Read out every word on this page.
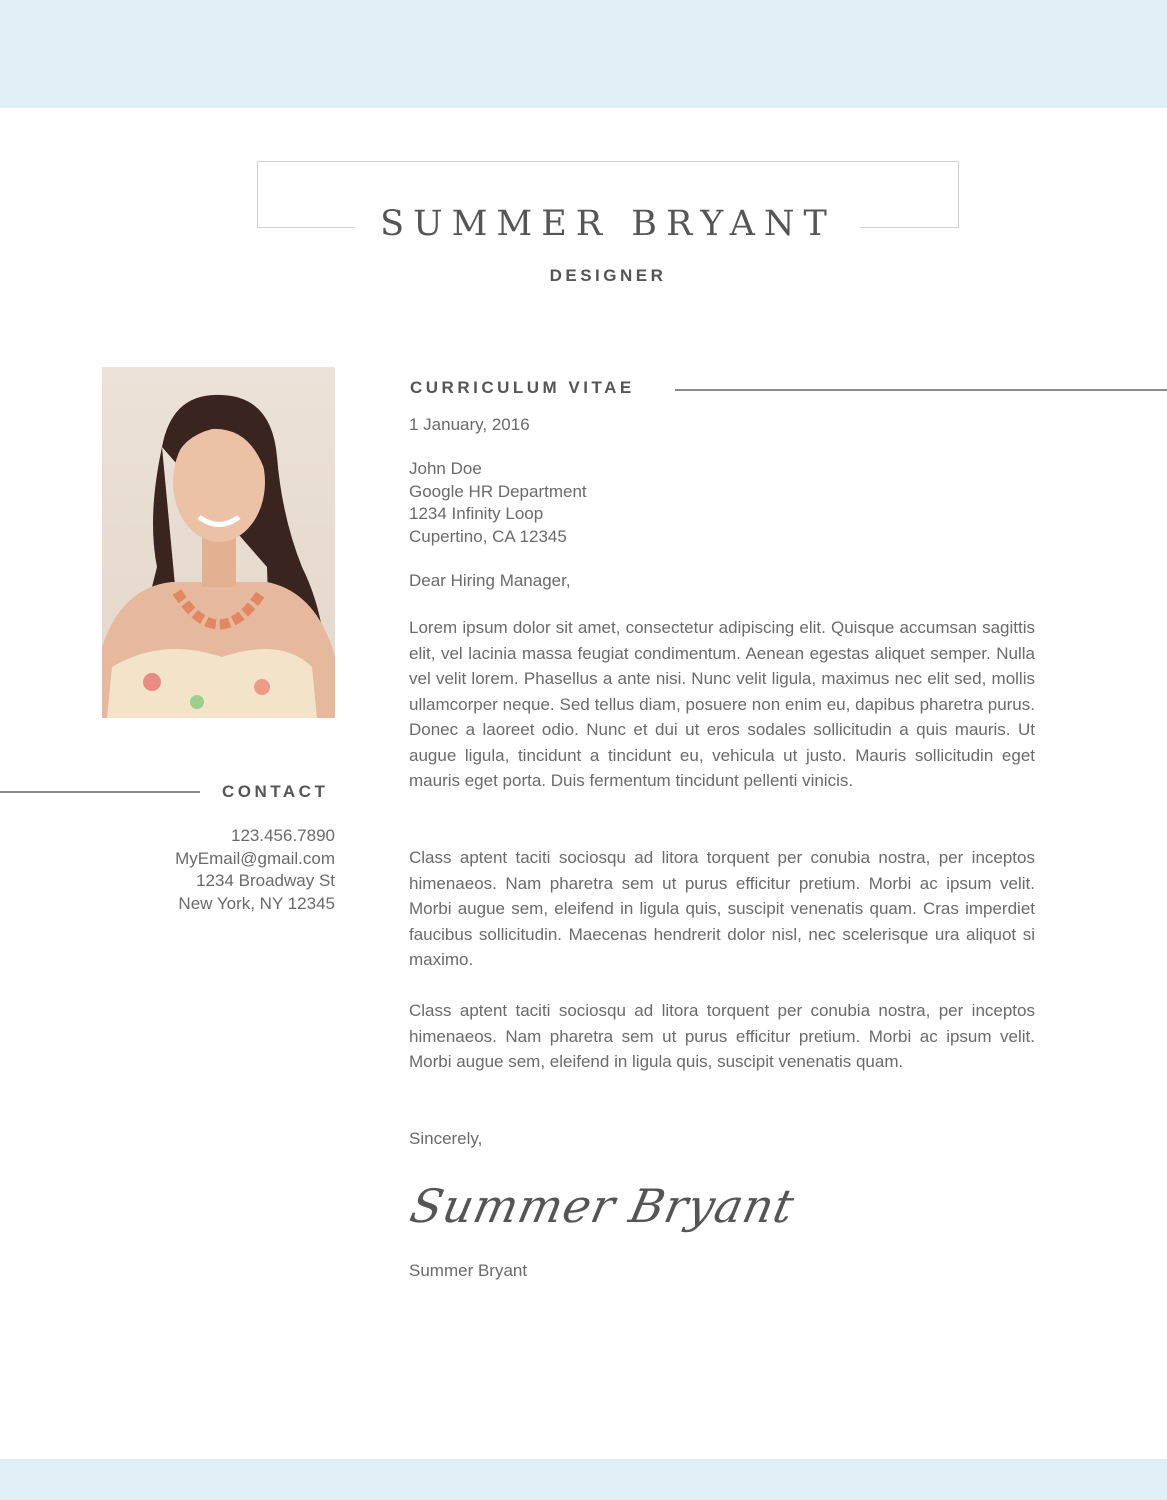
SUMMER BRYANT
DESIGNER
CURRICULUM VITAE
1 January, 2016
John Doe
Google HR Department
1234 Infinity Loop
Cupertino, CA 12345
Dear Hiring Manager,

Lorem ipsum dolor sit amet, consectetur adipiscing elit. Quisque accumsan sagittis elit, vel lacinia massa feugiat condimentum. Aenean egestas aliquet semper. Nulla vel velit lorem. Phasellus a ante nisi. Nunc velit ligula, maximus nec elit sed, mollis ullamcorper neque. Sed tellus diam, posuere non enim eu, dapibus pharetra purus. Donec a laoreet odio. Nunc et dui ut eros sodales sollicitudin a quis mauris. Ut augue ligula, tincidunt a tincidunt eu, vehicula ut justo. Mauris sollicitudin eget mauris eget porta. Duis fermentum tincidunt pellenti vinicis.

Class aptent taciti sociosqu ad litora torquent per conubia nostra, per inceptos himenaeos. Nam pharetra sem ut purus efficitur pretium. Morbi ac ipsum velit. Morbi augue sem, eleifend in ligula quis, suscipit venenatis quam. Cras imperdiet faucibus sollicitudin. Maecenas hendrerit dolor nisl, nec scelerisque ura aliquot si maximo.

Class aptent taciti sociosqu ad litora torquent per conubia nostra, per inceptos himenaeos. Nam pharetra sem ut purus efficitur pretium. Morbi ac ipsum velit. Morbi augue sem, eleifend in ligula quis, suscipit venenatis quam.

Sincerely,
Summer Bryant
Summer Bryant
CONTACT
123.456.7890
MyEmail@gmail.com
1234 Broadway St
New York, NY 12345
